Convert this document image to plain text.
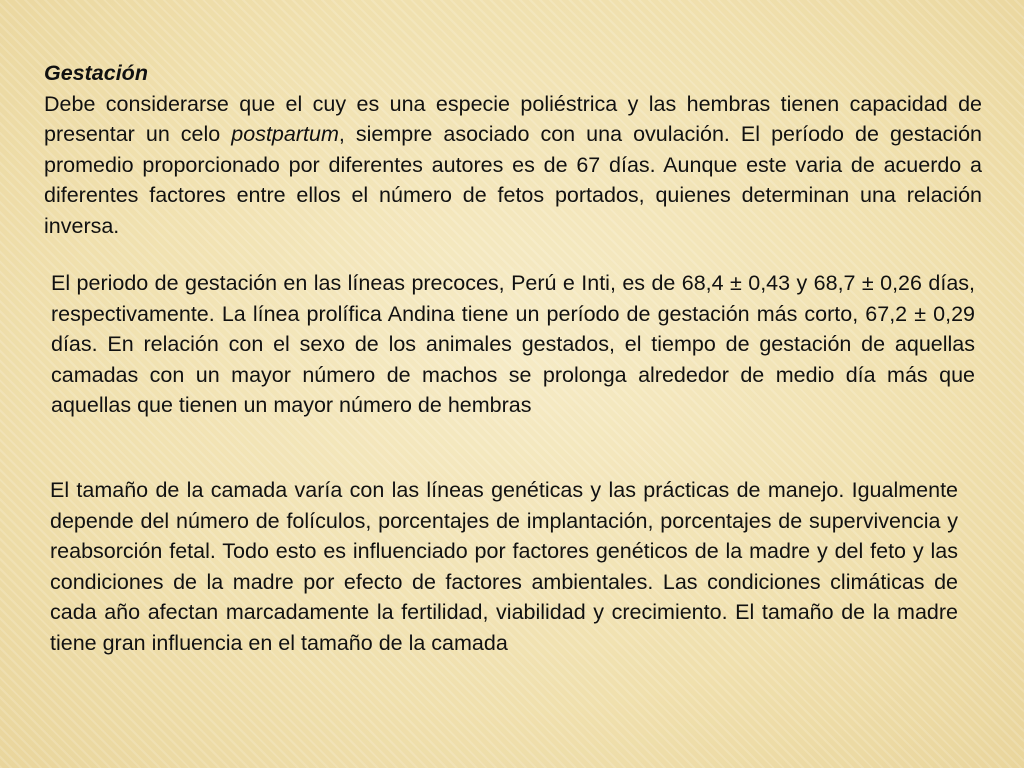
Gestación

Debe considerarse que el cuy es una especie poliéstrica y las hembras tienen capacidad de presentar un celo postpartum, siempre asociado con una ovulación. El período de gestación promedio proporcionado por diferentes autores es de 67 días. Aunque este varia de acuerdo a diferentes factores entre ellos el número de fetos portados, quienes determinan una relación inversa.

El periodo de gestación en las líneas precoces, Perú e Inti, es de 68,4 ± 0,43 y 68,7 ± 0,26 días, respectivamente. La línea prolífica Andina tiene un período de gestación más corto, 67,2 ± 0,29 días. En relación con el sexo de los animales gestados, el tiempo de gestación de aquellas camadas con un mayor número de machos se prolonga alrededor de medio día más que aquellas que tienen un mayor número de hembras

El tamaño de la camada varía con las líneas genéticas y las prácticas de manejo. Igualmente depende del número de folículos, porcentajes de implantación, porcentajes de supervivencia y reabsorción fetal. Todo esto es influenciado por factores genéticos de la madre y del feto y las condiciones de la madre por efecto de factores ambientales. Las condiciones climáticas de cada año afectan marcadamente la fertilidad, viabilidad y crecimiento. El tamaño de la madre tiene gran influencia en el tamaño de la camada
